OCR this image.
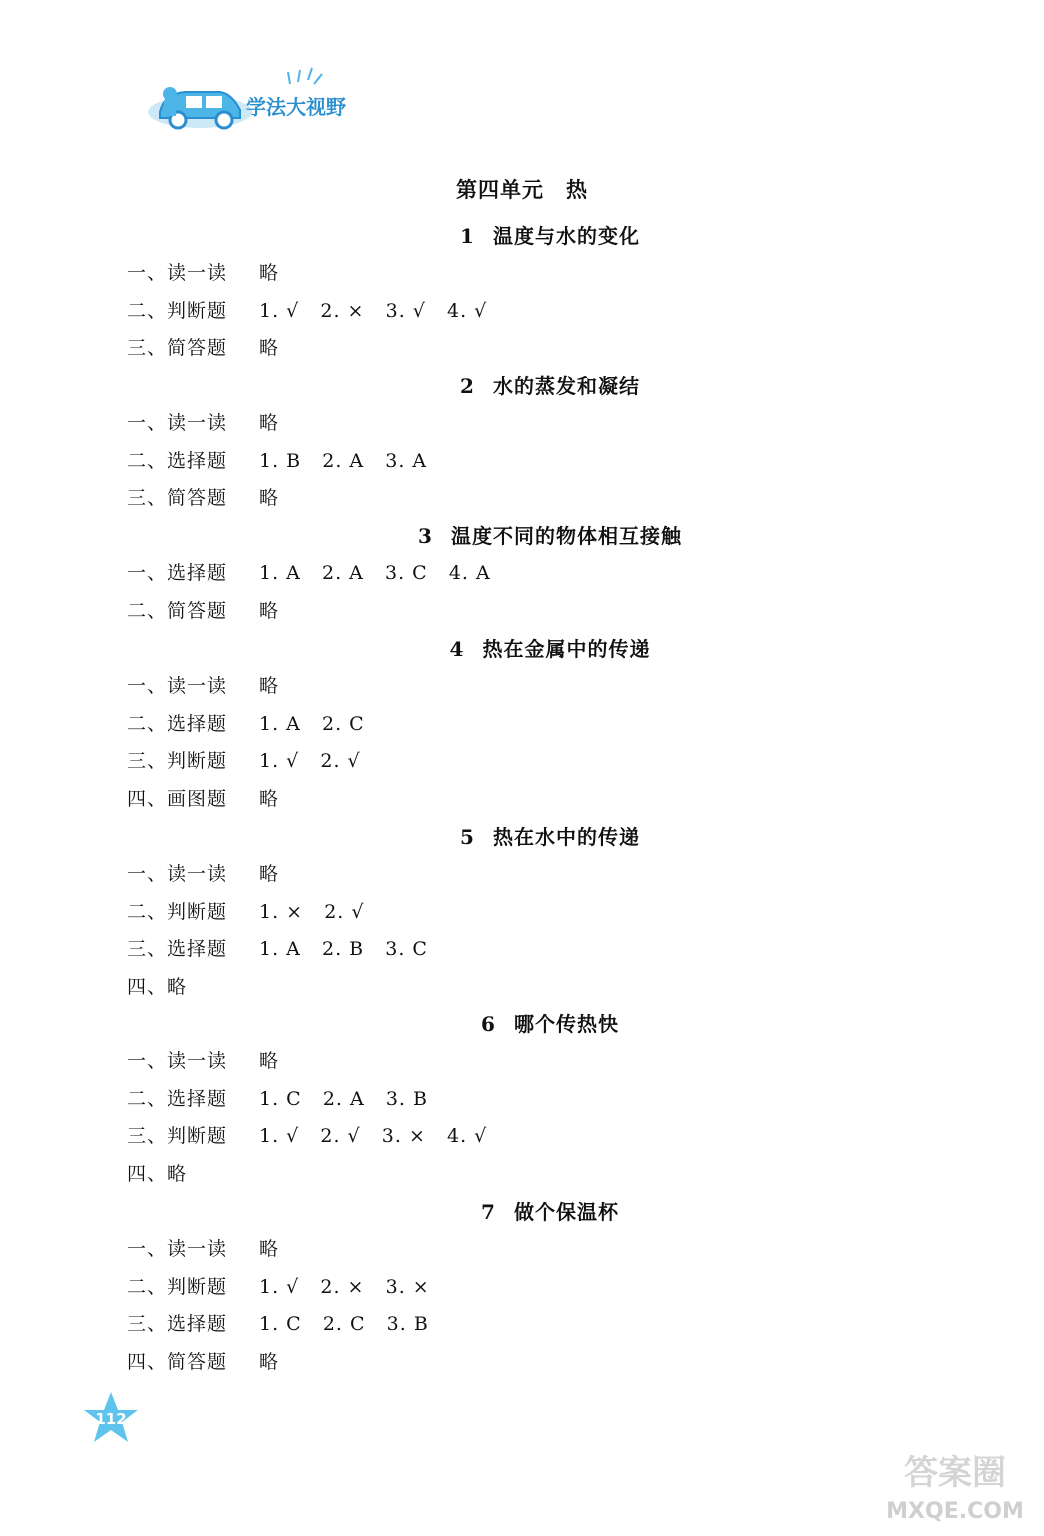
学法大视野
第四单元 热
1 温度与水的变化
一、读一读 略
二、判断题 1. √   2. ×   3. √   4. √
三、简答题 略
2 水的蒸发和凝结
一、读一读 略
二、选择题 1. B   2. A   3. A
三、简答题 略
3 温度不同的物体相互接触
一、选择题 1. A   2. A   3. C   4. A
二、简答题 略
4 热在金属中的传递
一、读一读 略
二、选择题 1. A   2. C
三、判断题 1. √   2. √
四、画图题 略
5 热在水中的传递
一、读一读 略
二、判断题 1. ×   2. √
三、选择题 1. A   2. B   3. C
四、略
6 哪个传热快
一、读一读 略
二、选择题 1. C   2. A   3. B
三、判断题 1. √   2. √   3. ×   4. √
四、略
7 做个保温杯
一、读一读 略
二、判断题 1. √   2. ×   3. ×
三、选择题 1. C   2. C   3. B
四、简答题 略
112
答案圈
MXQE.COM
